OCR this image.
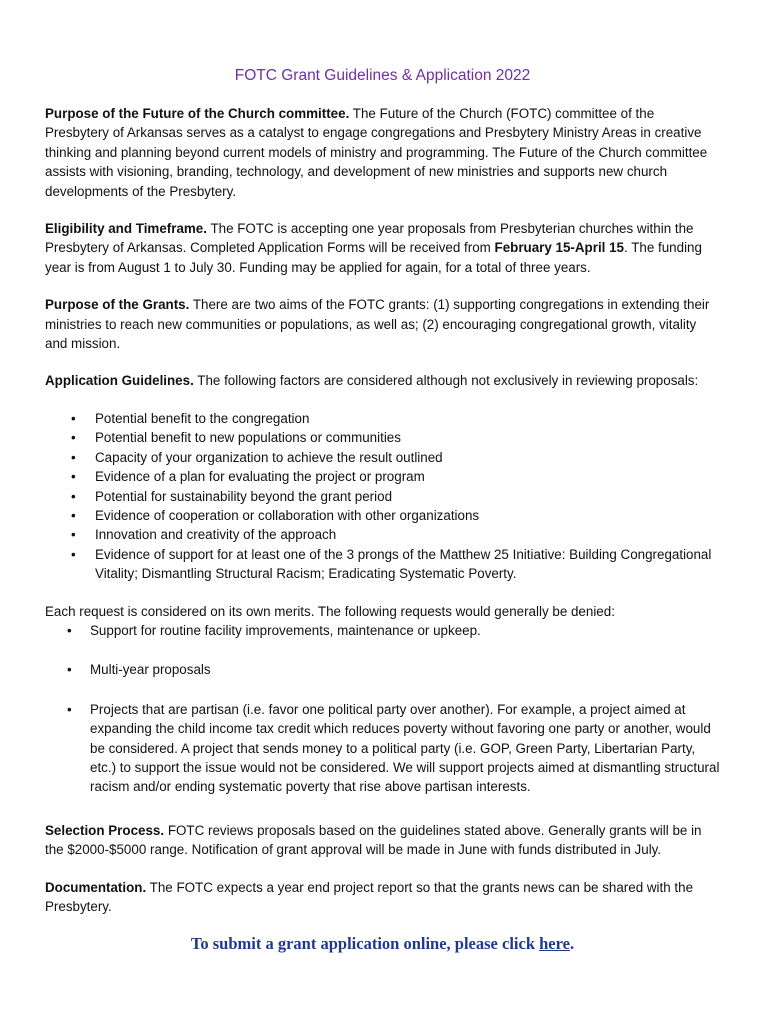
FOTC Grant Guidelines & Application 2022

Purpose of the Future of the Church committee. The Future of the Church (FOTC) committee of the Presbytery of Arkansas serves as a catalyst to engage congregations and Presbytery Ministry Areas in creative thinking and planning beyond current models of ministry and programming. The Future of the Church committee assists with visioning, branding, technology, and development of new ministries and supports new church developments of the Presbytery.

Eligibility and Timeframe. The FOTC is accepting one year proposals from Presbyterian churches within the Presbytery of Arkansas. Completed Application Forms will be received from February 15-April 15. The funding year is from August 1 to July 30. Funding may be applied for again, for a total of three years.

Purpose of the Grants. There are two aims of the FOTC grants: (1) supporting congregations in extending their ministries to reach new communities or populations, as well as; (2) encouraging congregational growth, vitality and mission.

Application Guidelines. The following factors are considered although not exclusively in reviewing proposals:

• Potential benefit to the congregation
• Potential benefit to new populations or communities
• Capacity of your organization to achieve the result outlined
• Evidence of a plan for evaluating the project or program
• Potential for sustainability beyond the grant period
• Evidence of cooperation or collaboration with other organizations
• Innovation and creativity of the approach
• Evidence of support for at least one of the 3 prongs of the Matthew 25 Initiative: Building Congregational Vitality; Dismantling Structural Racism; Eradicating Systematic Poverty.

Each request is considered on its own merits. The following requests would generally be denied:

• Support for routine facility improvements, maintenance or upkeep.
• Multi-year proposals
• Projects that are partisan (i.e. favor one political party over another). For example, a project aimed at expanding the child income tax credit which reduces poverty without favoring one party or another, would be considered. A project that sends money to a political party (i.e. GOP, Green Party, Libertarian Party, etc.) to support the issue would not be considered. We will support projects aimed at dismantling structural racism and/or ending systematic poverty that rise above partisan interests.

Selection Process. FOTC reviews proposals based on the guidelines stated above. Generally grants will be in the $2000-$5000 range. Notification of grant approval will be made in June with funds distributed in July.

Documentation. The FOTC expects a year end project report so that the grants news can be shared with the Presbytery.

To submit a grant application online, please click here.
